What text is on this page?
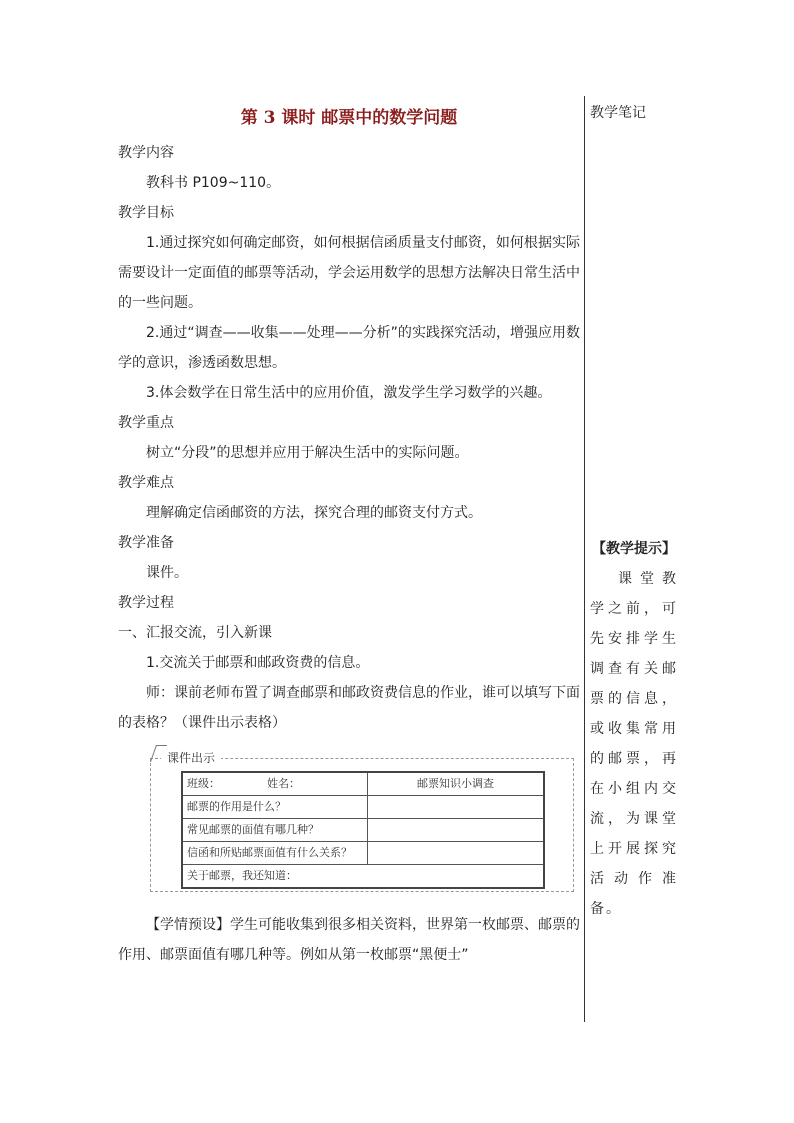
第 3 课时 邮票中的数学问题

教学内容

教科书 P109~110。

教学目标

1.通过探究如何确定邮资，如何根据信函质量支付邮资，如何根据实际需要设计一定面值的邮票等活动，学会运用数学的思想方法解决日常生活中的一些问题。

2.通过“调查——收集——处理——分析”的实践探究活动，增强应用数学的意识，渗透函数思想。

3.体会数学在日常生活中的应用价值，激发学生学习数学的兴趣。

教学重点

树立“分段”的思想并应用于解决生活中的实际问题。

教学难点

理解确定信函邮资的方法，探究合理的邮资支付方式。

教学准备

课件。

教学过程

一、汇报交流，引入新课

1.交流关于邮票和邮政资费的信息。

师：课前老师布置了调查邮票和邮政资费信息的作业，谁可以填写下面的表格？（课件出示表格）

课件出示
班级： 姓名：	邮票知识小调查
邮票的作用是什么？	
常见邮票的面值有哪几种？	
信函和所贴邮票面值有什么关系？	
关于邮票，我还知道：	

【学情预设】学生可能收集到很多相关资料，世界第一枚邮票、邮票的作用、邮票面值有哪几种等。例如从第一枚邮票“黑便士”

教学笔记

【教学提示】

课堂教学之前，可先安排学生调查有关邮票的信息，或收集常用的邮票，再在小组内交流，为课堂上开展探究活动作准备。
